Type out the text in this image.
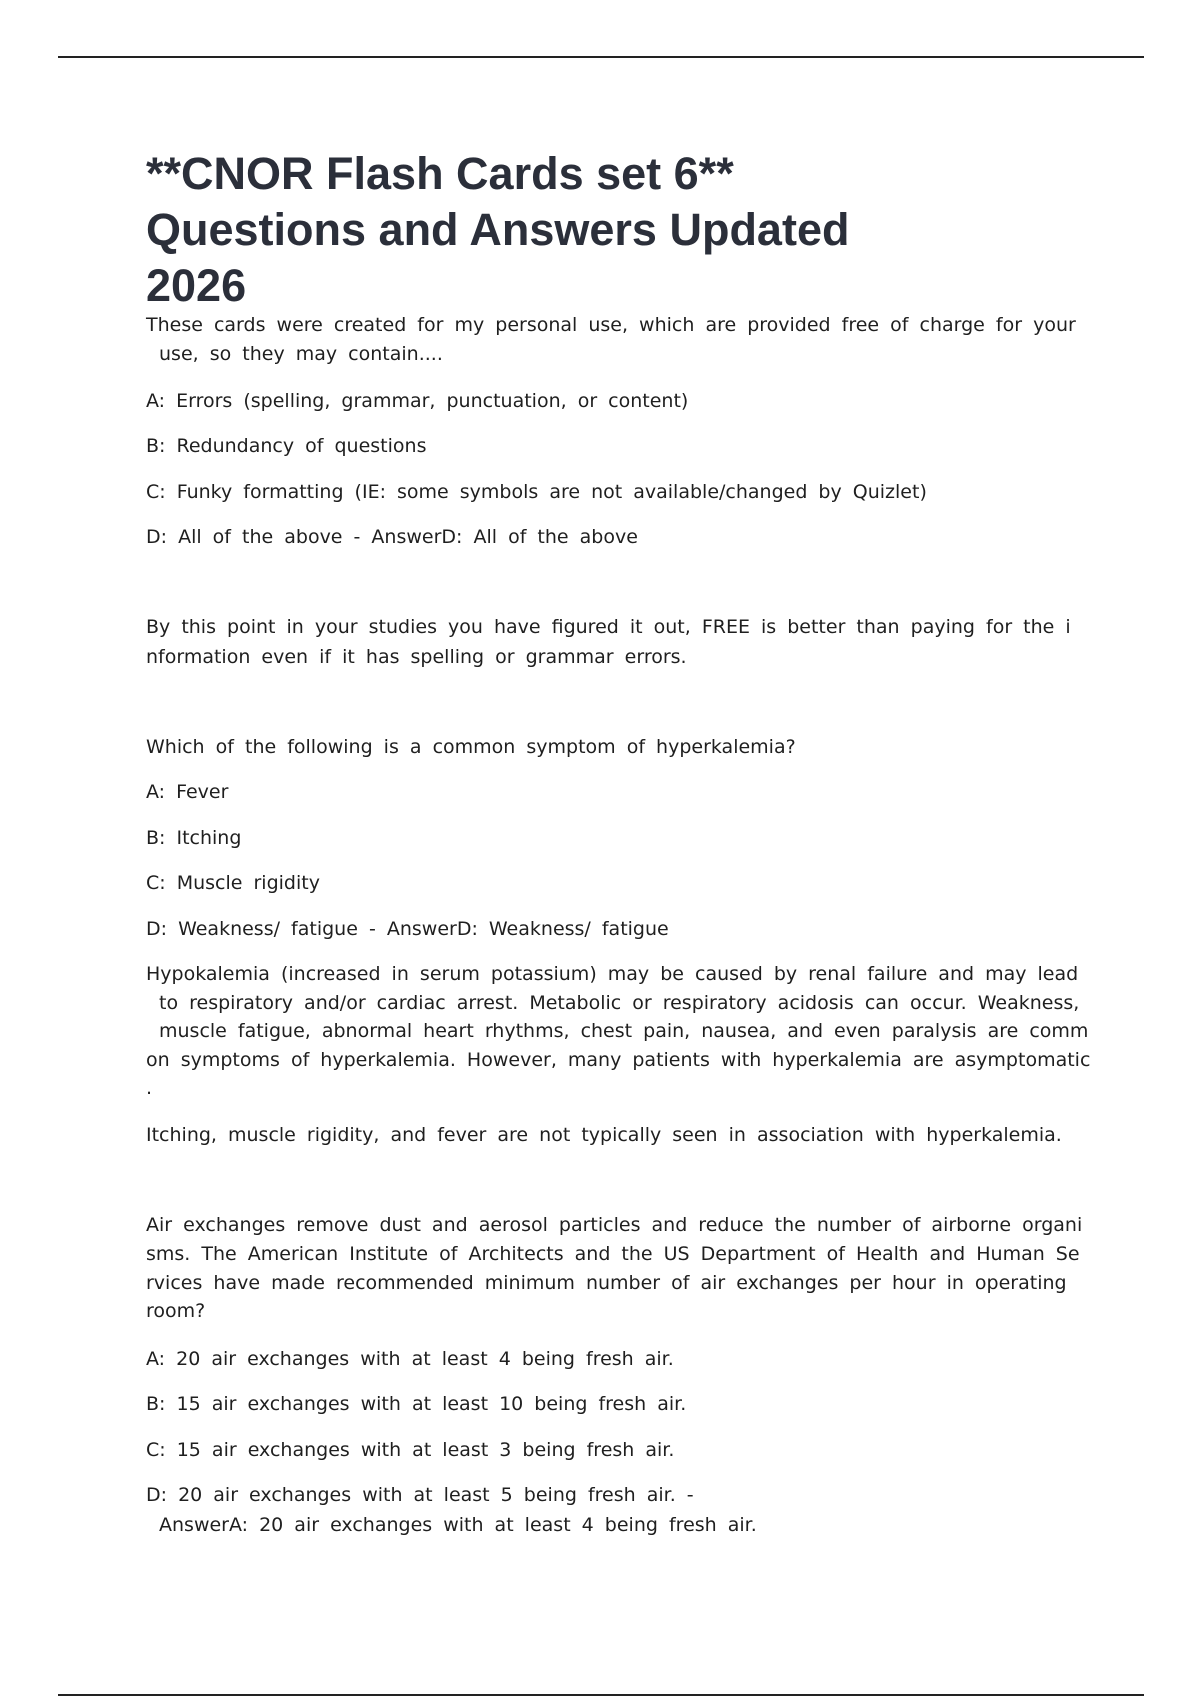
**CNOR Flash Cards set 6**
Questions and Answers Updated
2026
These cards were created for my personal use, which are provided free of charge for your
use, so they may contain....
A: Errors (spelling, grammar, punctuation, or content)
B: Redundancy of questions
C: Funky formatting (IE: some symbols are not available/changed by Quizlet)
D: All of the above - AnswerD: All of the above
By this point in your studies you have figured it out, FREE is better than paying for the i
nformation even if it has spelling or grammar errors.
Which of the following is a common symptom of hyperkalemia?
A: Fever
B: Itching
C: Muscle rigidity
D: Weakness/ fatigue - AnswerD: Weakness/ fatigue
Hypokalemia (increased in serum potassium) may be caused by renal failure and may lead
to respiratory and/or cardiac arrest. Metabolic or respiratory acidosis can occur. Weakness,
muscle fatigue, abnormal heart rhythms, chest pain, nausea, and even paralysis are comm
on symptoms of hyperkalemia. However, many patients with hyperkalemia are asymptomatic
.
Itching, muscle rigidity, and fever are not typically seen in association with hyperkalemia.
Air exchanges remove dust and aerosol particles and reduce the number of airborne organi
sms. The American Institute of Architects and the US Department of Health and Human Se
rvices have made recommended minimum number of air exchanges per hour in operating
room?
A: 20 air exchanges with at least 4 being fresh air.
B: 15 air exchanges with at least 10 being fresh air.
C: 15 air exchanges with at least 3 being fresh air.
D: 20 air exchanges with at least 5 being fresh air. -
AnswerA: 20 air exchanges with at least 4 being fresh air.
